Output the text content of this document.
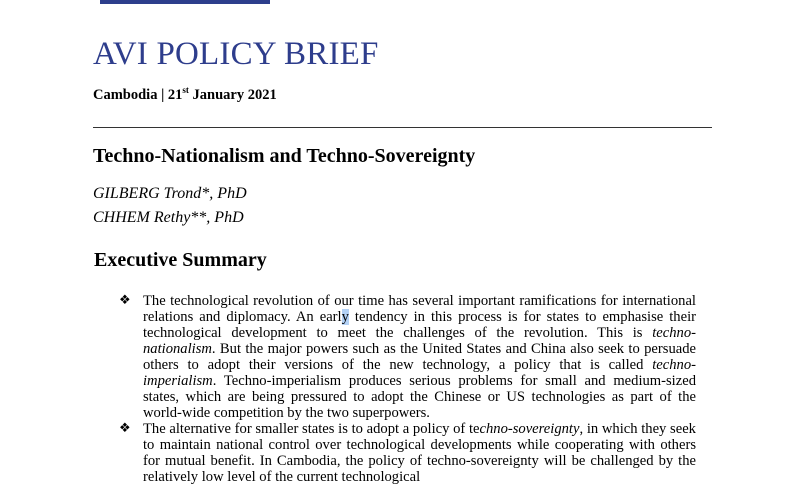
AVI POLICY BRIEF
Cambodia | 21st January 2021
Techno-Nationalism and Techno-Sovereignty
GILBERG Trond*, PhD
CHHEM Rethy**, PhD
Executive Summary
❖ The technological revolution of our time has several important ramifications for international relations and diplomacy. An early tendency in this process is for states to emphasise their technological development to meet the challenges of the revolution. This is techno-nationalism. But the major powers such as the United States and China also seek to persuade others to adopt their versions of the new technology, a policy that is called techno-imperialism. Techno-imperialism produces serious problems for small and medium-sized states, which are being pressured to adopt the Chinese or US technologies as part of the world-wide competition by the two superpowers.
❖ The alternative for smaller states is to adopt a policy of techno-sovereignty, in which they seek to maintain national control over technological developments while cooperating with others for mutual benefit. In Cambodia, the policy of techno-sovereignty will be challenged by the relatively low level of the current technological
